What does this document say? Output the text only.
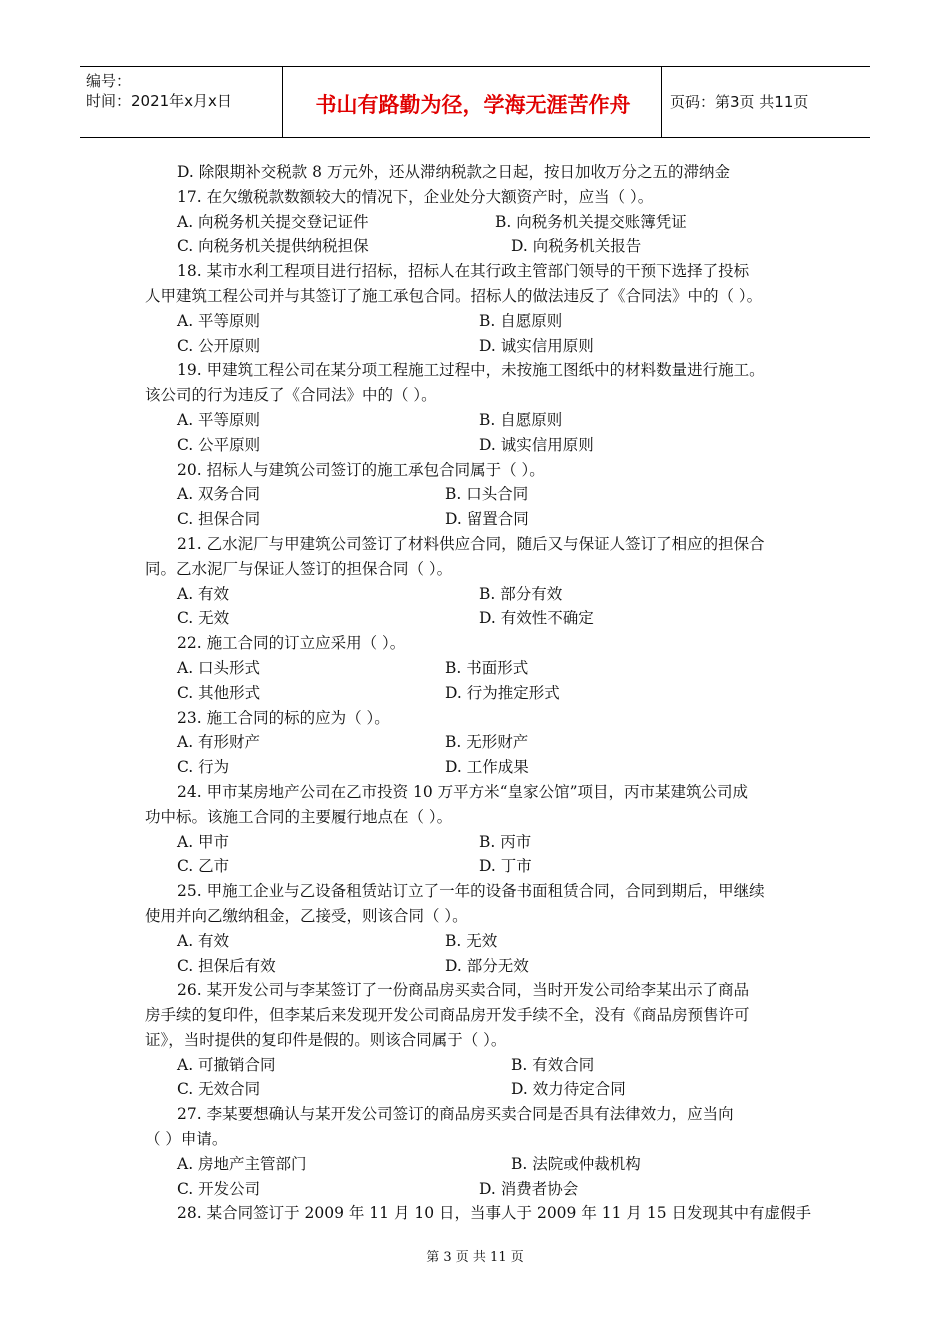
编号：
时间：2021年x月x日	书山有路勤为径，学海无涯苦作舟	页码：第3页 共11页
D. 除限期补交税款 8 万元外，还从滞纳税款之日起，按日加收万分之五的滞纳金
17. 在欠缴税款数额较大的情况下，企业处分大额资产时，应当（ ）。
A. 向税务机关提交登记证件	B. 向税务机关提交账簿凭证
C. 向税务机关提供纳税担保	D. 向税务机关报告
18. 某市水利工程项目进行招标，招标人在其行政主管部门领导的干预下选择了投标
人甲建筑工程公司并与其签订了施工承包合同。招标人的做法违反了《合同法》中的（ ）。
A. 平等原则	B. 自愿原则
C. 公开原则	D. 诚实信用原则
19. 甲建筑工程公司在某分项工程施工过程中，未按施工图纸中的材料数量进行施工。
该公司的行为违反了《合同法》中的（ ）。
A. 平等原则	B. 自愿原则
C. 公平原则	D. 诚实信用原则
20. 招标人与建筑公司签订的施工承包合同属于（ ）。
A. 双务合同	B. 口头合同
C. 担保合同	D. 留置合同
21. 乙水泥厂与甲建筑公司签订了材料供应合同，随后又与保证人签订了相应的担保合
同。乙水泥厂与保证人签订的担保合同（ ）。
A. 有效	B. 部分有效
C. 无效	D. 有效性不确定
22. 施工合同的订立应采用（ ）。
A. 口头形式	B. 书面形式
C. 其他形式	D. 行为推定形式
23. 施工合同的标的应为（ ）。
A. 有形财产	B. 无形财产
C. 行为	D. 工作成果
24. 甲市某房地产公司在乙市投资 10 万平方米“皇家公馆”项目，丙市某建筑公司成
功中标。该施工合同的主要履行地点在（ ）。
A. 甲市	B. 丙市
C. 乙市	D. 丁市
25. 甲施工企业与乙设备租赁站订立了一年的设备书面租赁合同，合同到期后，甲继续
使用并向乙缴纳租金，乙接受，则该合同（ ）。
A. 有效	B. 无效
C. 担保后有效	D. 部分无效
26. 某开发公司与李某签订了一份商品房买卖合同，当时开发公司给李某出示了商品
房手续的复印件，但李某后来发现开发公司商品房开发手续不全，没有《商品房预售许可
证》，当时提供的复印件是假的。则该合同属于（ ）。
A. 可撤销合同	B. 有效合同
C. 无效合同	D. 效力待定合同
27. 李某要想确认与某开发公司签订的商品房买卖合同是否具有法律效力，应当向
（ ）申请。
A. 房地产主管部门	B. 法院或仲裁机构
C. 开发公司	D. 消费者协会
28. 某合同签订于 2009 年 11 月 10 日，当事人于 2009 年 11 月 15 日发现其中有虚假手
第 3 页 共 11 页
